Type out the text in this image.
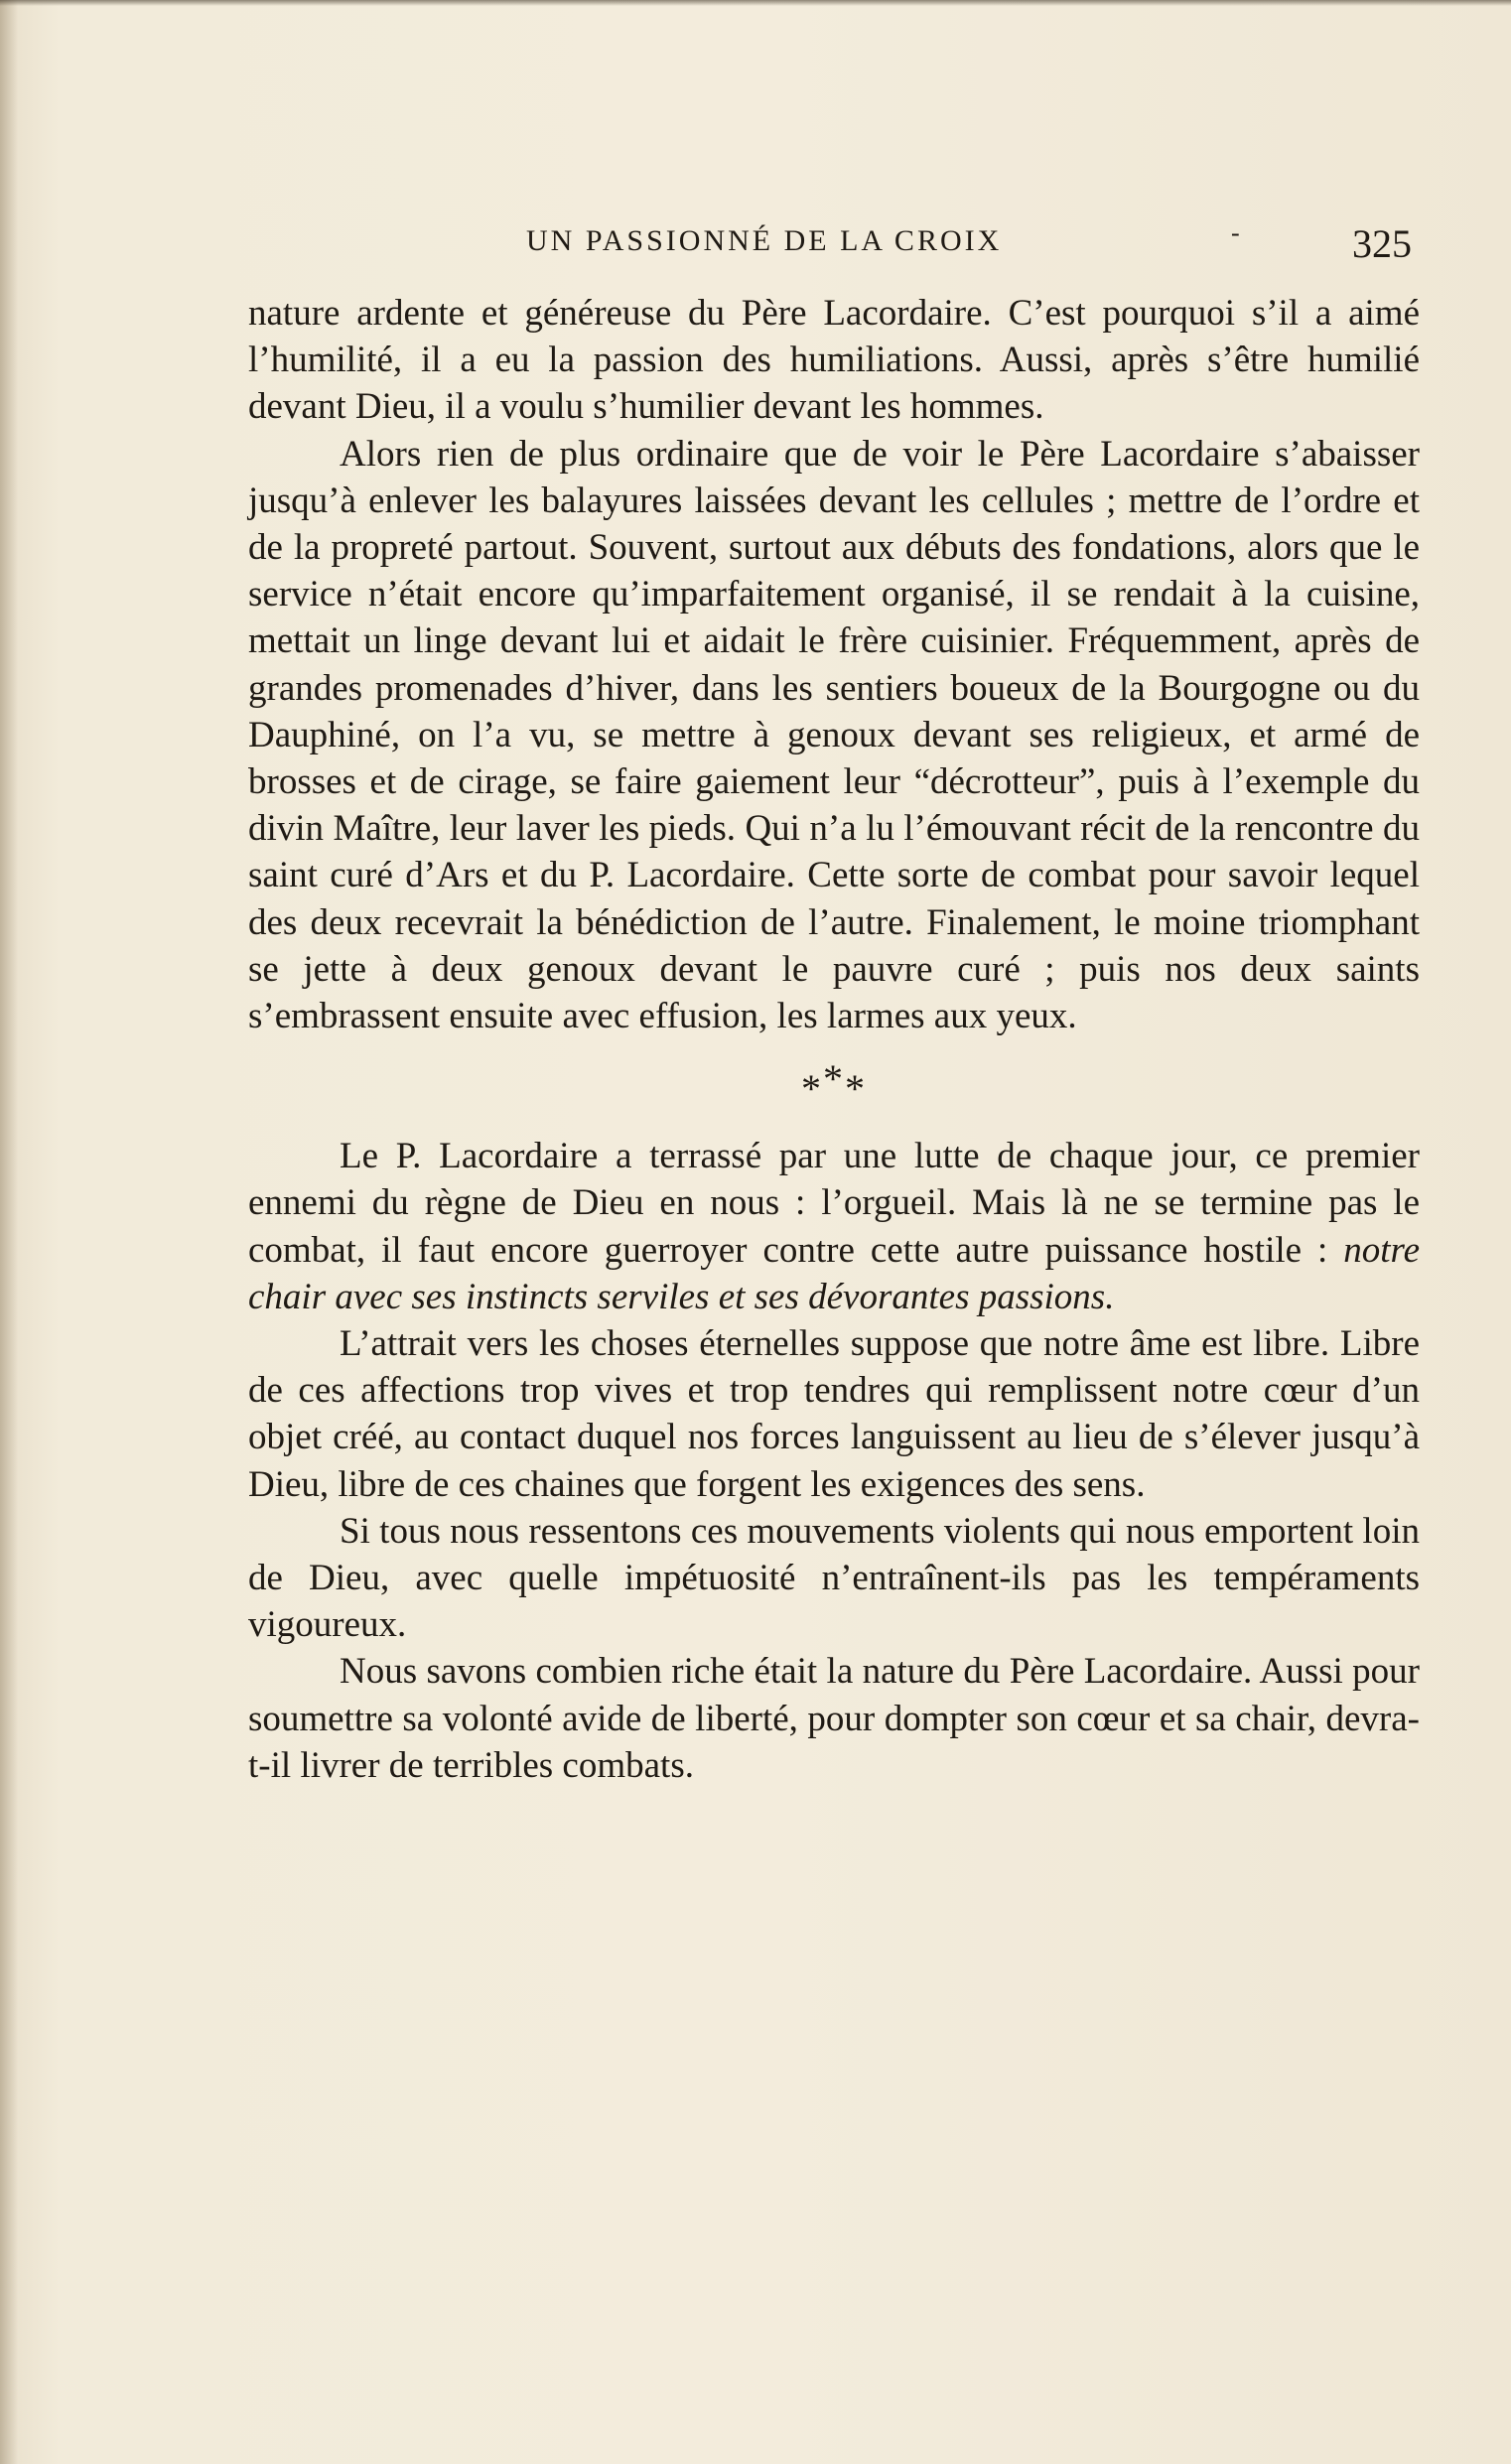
UN PASSIONNÉ DE LA CROIX	-	325

nature ardente et généreuse du Père Lacordaire. C’est pourquoi s’il a aimé l’humilité, il a eu la passion des humiliations. Aussi, après s’être humilié devant Dieu, il a voulu s’humilier devant les hommes.

Alors rien de plus ordinaire que de voir le Père Lacordaire s’abaisser jusqu’à enlever les balayures laissées devant les cellules ; mettre de l’ordre et de la propreté partout. Souvent, surtout aux débuts des fondations, alors que le service n’était encore qu’imparfaitement organisé, il se rendait à la cuisine, mettait un linge devant lui et aidait le frère cuisinier. Fréquemment, après de grandes promenades d’hiver, dans les sentiers boueux de la Bourgogne ou du Dauphiné, on l’a vu, se mettre à genoux devant ses religieux, et armé de brosses et de cirage, se faire gaiement leur “décrotteur”, puis à l’exemple du divin Maître, leur laver les pieds. Qui n’a lu l’émouvant récit de la rencontre du saint curé d’Ars et du P. Lacordaire. Cette sorte de combat pour savoir lequel des deux recevrait la bénédiction de l’autre. Finalement, le moine triomphant se jette à deux genoux devant le pauvre curé ; puis nos deux saints s’embrassent ensuite avec effusion, les larmes aux yeux.

***

Le P. Lacordaire a terrassé par une lutte de chaque jour, ce premier ennemi du règne de Dieu en nous : l’orgueil. Mais là ne se termine pas le combat, il faut encore guerroyer contre cette autre puissance hostile : notre chair avec ses instincts serviles et ses dévorantes passions.

L’attrait vers les choses éternelles suppose que notre âme est libre. Libre de ces affections trop vives et trop tendres qui remplissent notre cœur d’un objet créé, au contact duquel nos forces languissent au lieu de s’élever jusqu’à Dieu, libre de ces chaines que forgent les exigences des sens.

Si tous nous ressentons ces mouvements violents qui nous emportent loin de Dieu, avec quelle impétuosité n’entraînent-ils pas les tempéraments vigoureux.

Nous savons combien riche était la nature du Père Lacordaire. Aussi pour soumettre sa volonté avide de liberté, pour dompter son cœur et sa chair, devra-t-il livrer de terribles combats.
